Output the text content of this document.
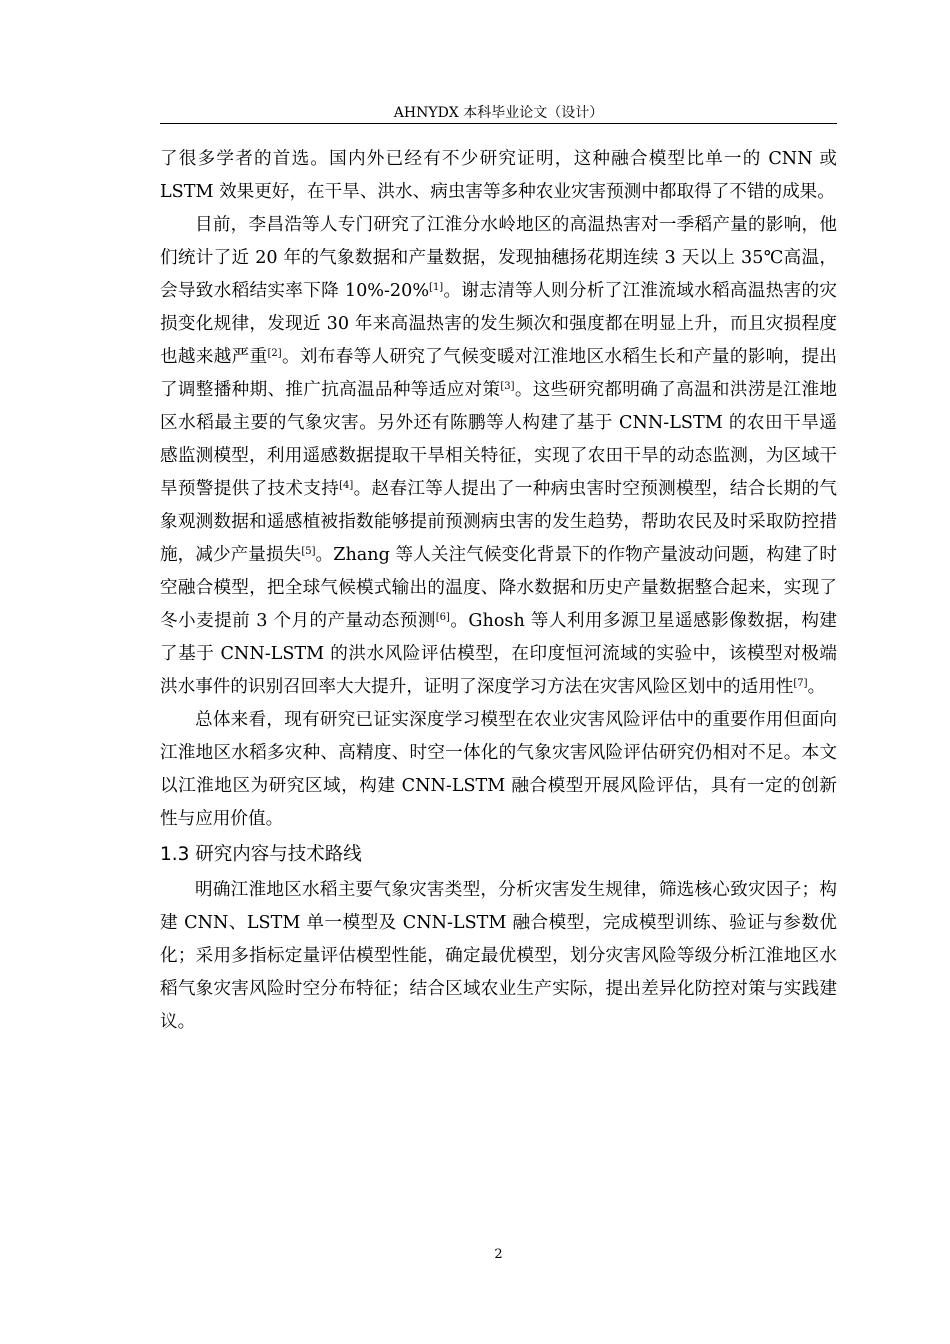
AHNYDX 本科毕业论文（设计）

了很多学者的首选。国内外已经有不少研究证明，这种融合模型比单一的 CNN 或 LSTM 效果更好，在干旱、洪水、病虫害等多种农业灾害预测中都取得了不错的成果。

目前，李昌浩等人专门研究了江淮分水岭地区的高温热害对一季稻产量的影响，他们统计了近 20 年的气象数据和产量数据，发现抽穗扬花期连续 3 天以上 35℃高温，会导致水稻结实率下降 10%-20%[1]。谢志清等人则分析了江淮流域水稻高温热害的灾损变化规律，发现近 30 年来高温热害的发生频次和强度都在明显上升，而且灾损程度也越来越严重[2]。刘布春等人研究了气候变暖对江淮地区水稻生长和产量的影响，提出了调整播种期、推广抗高温品种等适应对策[3]。这些研究都明确了高温和洪涝是江淮地区水稻最主要的气象灾害。另外还有陈鹏等人构建了基于 CNN-LSTM 的农田干旱遥感监测模型，利用遥感数据提取干旱相关特征，实现了农田干旱的动态监测，为区域干旱预警提供了技术支持[4]。赵春江等人提出了一种病虫害时空预测模型，结合长期的气象观测数据和遥感植被指数能够提前预测病虫害的发生趋势，帮助农民及时采取防控措施，减少产量损失[5]。Zhang 等人关注气候变化背景下的作物产量波动问题，构建了时空融合模型，把全球气候模式输出的温度、降水数据和历史产量数据整合起来，实现了冬小麦提前 3 个月的产量动态预测[6]。Ghosh 等人利用多源卫星遥感影像数据，构建了基于 CNN-LSTM 的洪水风险评估模型，在印度恒河流域的实验中，该模型对极端洪水事件的识别召回率大大提升，证明了深度学习方法在灾害风险区划中的适用性[7]。

总体来看，现有研究已证实深度学习模型在农业灾害风险评估中的重要作用但面向江淮地区水稻多灾种、高精度、时空一体化的气象灾害风险评估研究仍相对不足。本文以江淮地区为研究区域，构建 CNN-LSTM 融合模型开展风险评估，具有一定的创新性与应用价值。

1.3 研究内容与技术路线

明确江淮地区水稻主要气象灾害类型，分析灾害发生规律，筛选核心致灾因子；构建 CNN、LSTM 单一模型及 CNN-LSTM 融合模型，完成模型训练、验证与参数优化；采用多指标定量评估模型性能，确定最优模型，划分灾害风险等级分析江淮地区水稻气象灾害风险时空分布特征；结合区域农业生产实际，提出差异化防控对策与实践建议。

2
